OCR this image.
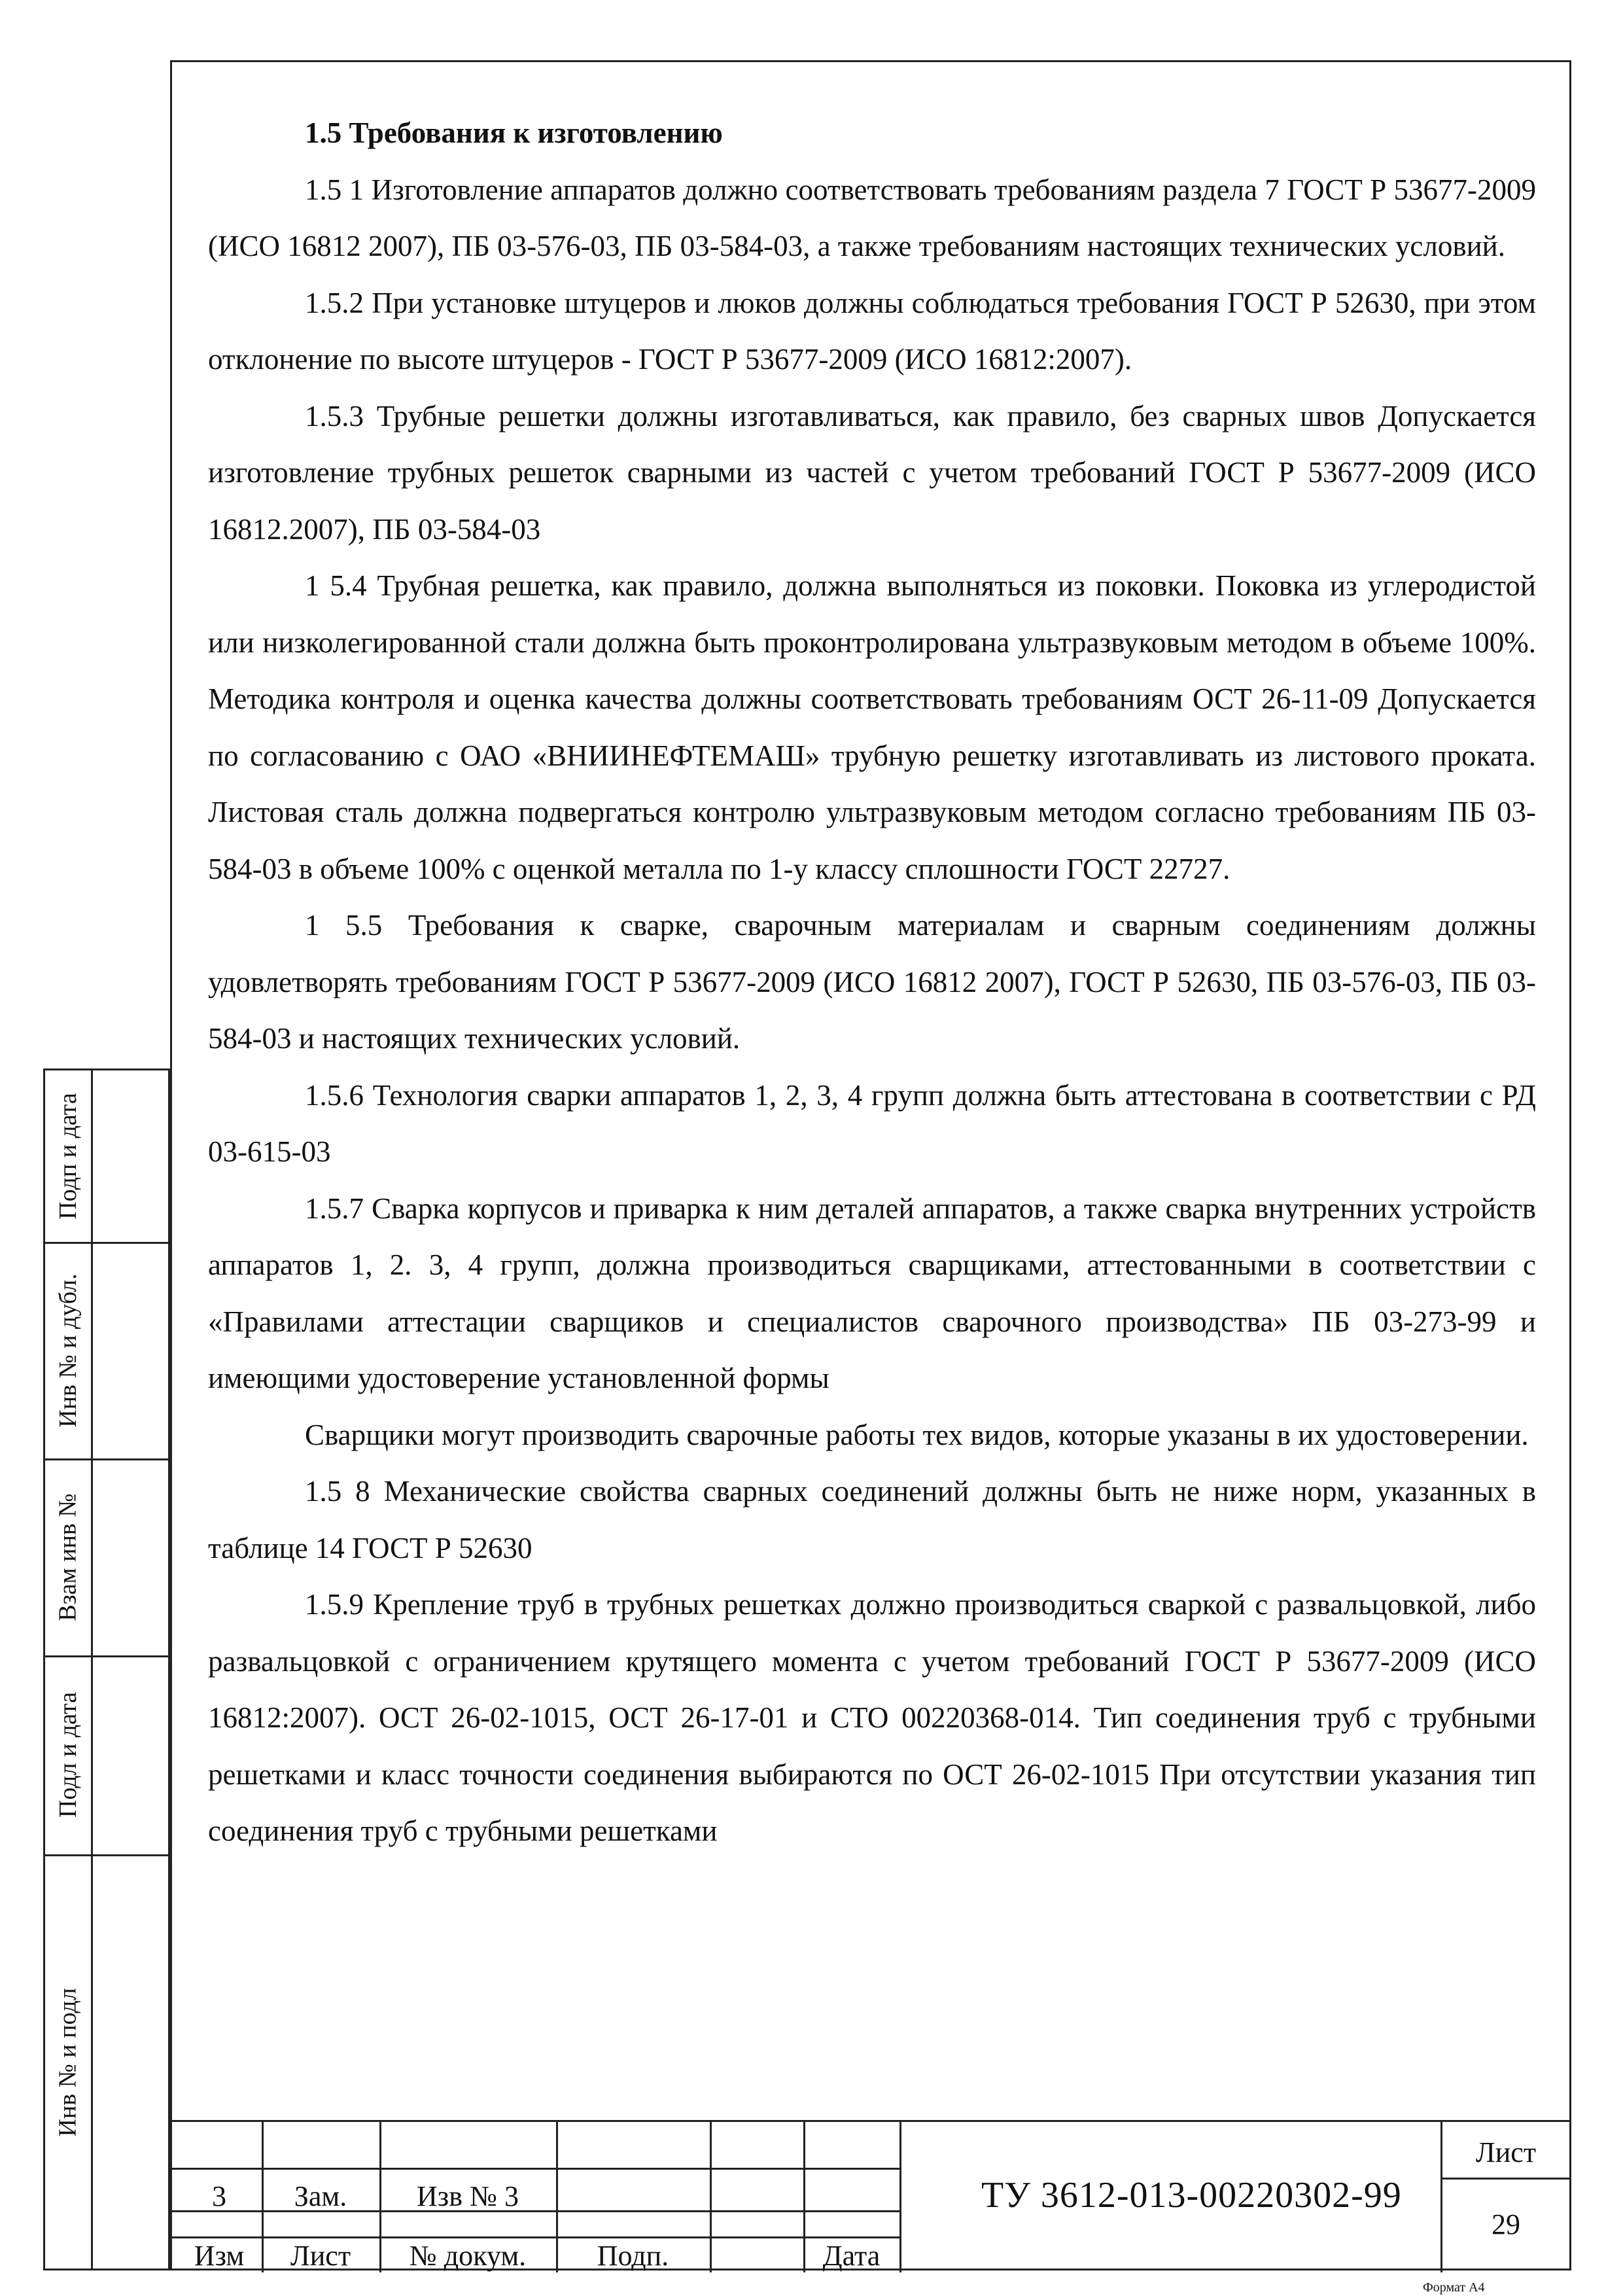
1.5 Требования к изготовлению

1.5 1 Изготовление аппаратов должно соответствовать требованиям раздела 7 ГОСТ Р 53677-2009 (ИСО 16812 2007), ПБ 03-576-03, ПБ 03-584-03, а также требованиям настоящих технических условий.

1.5.2 При установке штуцеров и люков должны соблюдаться требования ГОСТ Р 52630, при этом отклонение по высоте штуцеров - ГОСТ Р 53677-2009 (ИСО 16812:2007).

1.5.3 Трубные решетки должны изготавливаться, как правило, без сварных швов Допускается изготовление трубных решеток сварными из частей с учетом требований ГОСТ Р 53677-2009 (ИСО 16812.2007), ПБ 03-584-03

1 5.4 Трубная решетка, как правило, должна выполняться из поковки. Поковка из углеродистой или низколегированной стали должна быть проконтролирована ультразвуковым методом в объеме 100%. Методика контроля и оценка качества должны соответствовать требованиям ОСТ 26-11-09 Допускается по согласованию с ОАО «ВНИИНЕФТЕМАШ» трубную решетку изготавливать из листового проката. Листовая сталь должна подвергаться контролю ультразвуковым методом согласно требованиям ПБ 03-584-03 в объеме 100% с оценкой металла по 1-у классу сплошности ГОСТ 22727.

1 5.5 Требования к сварке, сварочным материалам и сварным соединениям должны удовлетворять требованиям ГОСТ Р 53677-2009 (ИСО 16812 2007), ГОСТ Р 52630, ПБ 03-576-03, ПБ 03-584-03 и настоящих технических условий.

1.5.6 Технология сварки аппаратов 1, 2, 3, 4 групп должна быть аттестована в соответствии с РД 03-615-03

1.5.7 Сварка корпусов и приварка к ним деталей аппаратов, а также сварка внутренних устройств аппаратов 1, 2. 3, 4 групп, должна производиться сварщиками, аттестованными в соответствии с «Правилами аттестации сварщиков и специалистов сварочного производства» ПБ 03-273-99 и имеющими удостоверение установленной формы

Сварщики могут производить сварочные работы тех видов, которые указаны в их удостоверении.

1.5 8 Механические свойства сварных соединений должны быть не ниже норм, указанных в таблице 14 ГОСТ Р 52630

1.5.9 Крепление труб в трубных решетках должно производиться сваркой с развальцовкой, либо развальцовкой с ограничением крутящего момента с учетом требований ГОСТ Р 53677-2009 (ИСО 16812:2007). ОСТ 26-02-1015, ОСТ 26-17-01 и СТО 00220368-014. Тип соединения труб с трубными решетками и класс точности соединения выбираются по ОСТ 26-02-1015 При отсутствии указания тип соединения труб с трубными решетками

Подп и дата
Инв № и дубл.
Взам инв №
Подл и дата
Инв № и подл
3	Зам.	Изв № 3
Изм	Лист	№ докум.	Подп.	Дата
ТУ 3612-013-00220302-99
Лист
29
Формат А4
